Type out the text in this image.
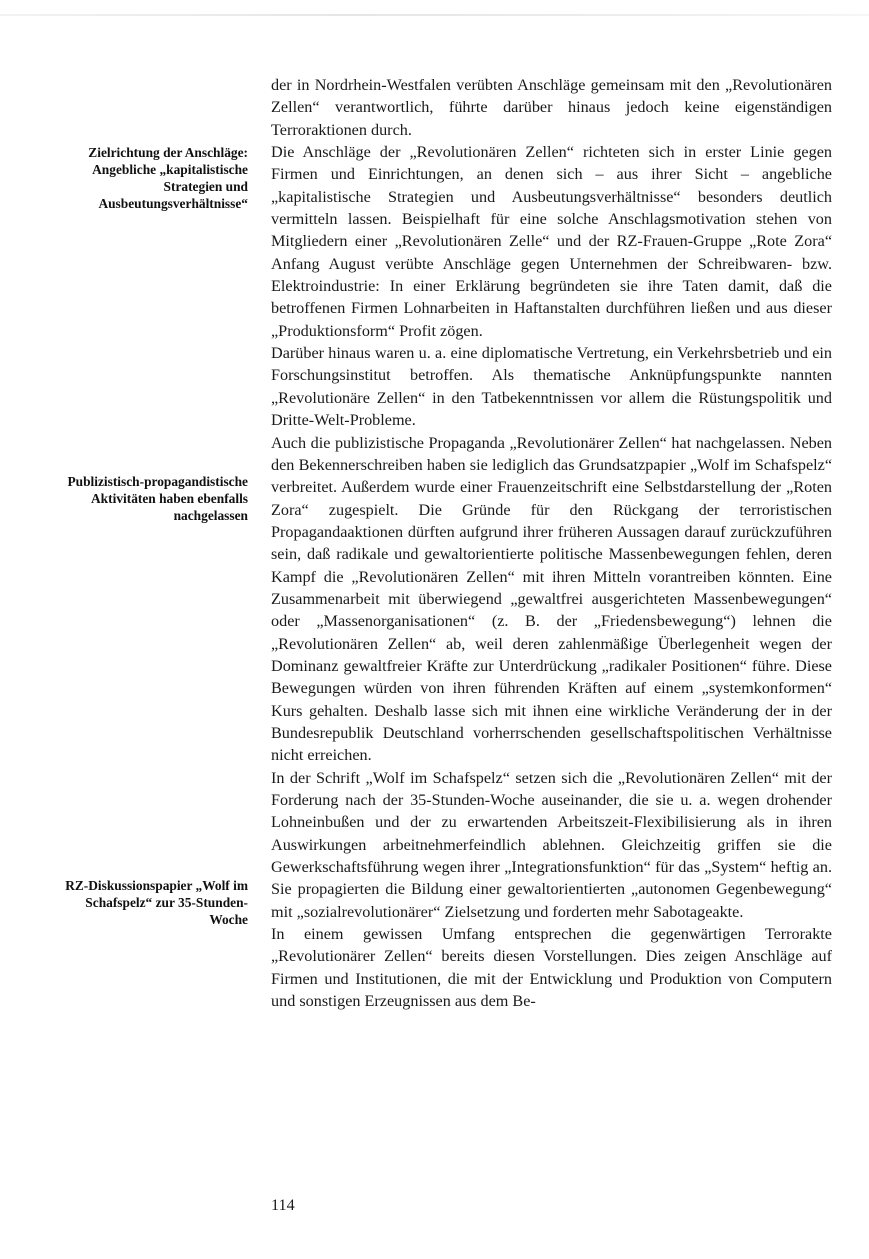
Zielrichtung der Anschläge: Angebliche „kapitalistische Strategien und Ausbeutungsverhältnisse“
Publizistisch-propagandistische Aktivitäten haben ebenfalls nachgelassen
RZ-Diskussionspapier „Wolf im Schafspelz“ zur 35-Stunden-Woche

der in Nordrhein-Westfalen verübten Anschläge gemeinsam mit den „Revolutionären Zellen“ verantwortlich, führte darüber hinaus jedoch keine eigenständigen Terroraktionen durch.

Die Anschläge der „Revolutionären Zellen“ richteten sich in erster Linie gegen Firmen und Einrichtungen, an denen sich – aus ihrer Sicht – angebliche „kapitalistische Strategien und Ausbeutungsverhältnisse“ besonders deutlich vermitteln lassen. Beispielhaft für eine solche Anschlagsmotivation stehen von Mitgliedern einer „Revolutionären Zelle“ und der RZ-Frauen-Gruppe „Rote Zora“ Anfang August verübte Anschläge gegen Unternehmen der Schreibwaren- bzw. Elektroindustrie: In einer Erklärung begründeten sie ihre Taten damit, daß die betroffenen Firmen Lohnarbeiten in Haftanstalten durchführen ließen und aus dieser „Produktionsform“ Profit zögen.

Darüber hinaus waren u. a. eine diplomatische Vertretung, ein Verkehrsbetrieb und ein Forschungsinstitut betroffen. Als thematische Anknüpfungspunkte nannten „Revolutionäre Zellen“ in den Tatbekenntnissen vor allem die Rüstungspolitik und Dritte-Welt-Probleme.

Auch die publizistische Propaganda „Revolutionärer Zellen“ hat nachgelassen. Neben den Bekennerschreiben haben sie lediglich das Grundsatzpapier „Wolf im Schafspelz“ verbreitet. Außerdem wurde einer Frauenzeitschrift eine Selbstdarstellung der „Roten Zora“ zugespielt. Die Gründe für den Rückgang der terroristischen Propagandaaktionen dürften aufgrund ihrer früheren Aussagen darauf zurückzuführen sein, daß radikale und gewaltorientierte politische Massenbewegungen fehlen, deren Kampf die „Revolutionären Zellen“ mit ihren Mitteln vorantreiben könnten. Eine Zusammenarbeit mit überwiegend „gewaltfrei ausgerichteten Massenbewegungen“ oder „Massenorganisationen“ (z. B. der „Friedensbewegung“) lehnen die „Revolutionären Zellen“ ab, weil deren zahlenmäßige Überlegenheit wegen der Dominanz gewaltfreier Kräfte zur Unterdrückung „radikaler Positionen“ führe. Diese Bewegungen würden von ihren führenden Kräften auf einem „systemkonformen“ Kurs gehalten. Deshalb lasse sich mit ihnen eine wirkliche Veränderung der in der Bundesrepublik Deutschland vorherrschenden gesellschaftspolitischen Verhältnisse nicht erreichen.

In der Schrift „Wolf im Schafspelz“ setzen sich die „Revolutionären Zellen“ mit der Forderung nach der 35-Stunden-Woche auseinander, die sie u. a. wegen drohender Lohneinbußen und der zu erwartenden Arbeitszeit-Flexibilisierung als in ihren Auswirkungen arbeitnehmerfeindlich ablehnen. Gleichzeitig griffen sie die Gewerkschaftsführung wegen ihrer „Integrationsfunktion“ für das „System“ heftig an. Sie propagierten die Bildung einer gewaltorientierten „autonomen Gegenbewegung“ mit „sozialrevolutionärer“ Zielsetzung und forderten mehr Sabotageakte.

In einem gewissen Umfang entsprechen die gegenwärtigen Terrorakte „Revolutionärer Zellen“ bereits diesen Vorstellungen. Dies zeigen Anschläge auf Firmen und Institutionen, die mit der Entwicklung und Produktion von Computern und sonstigen Erzeugnissen aus dem Be-

114
